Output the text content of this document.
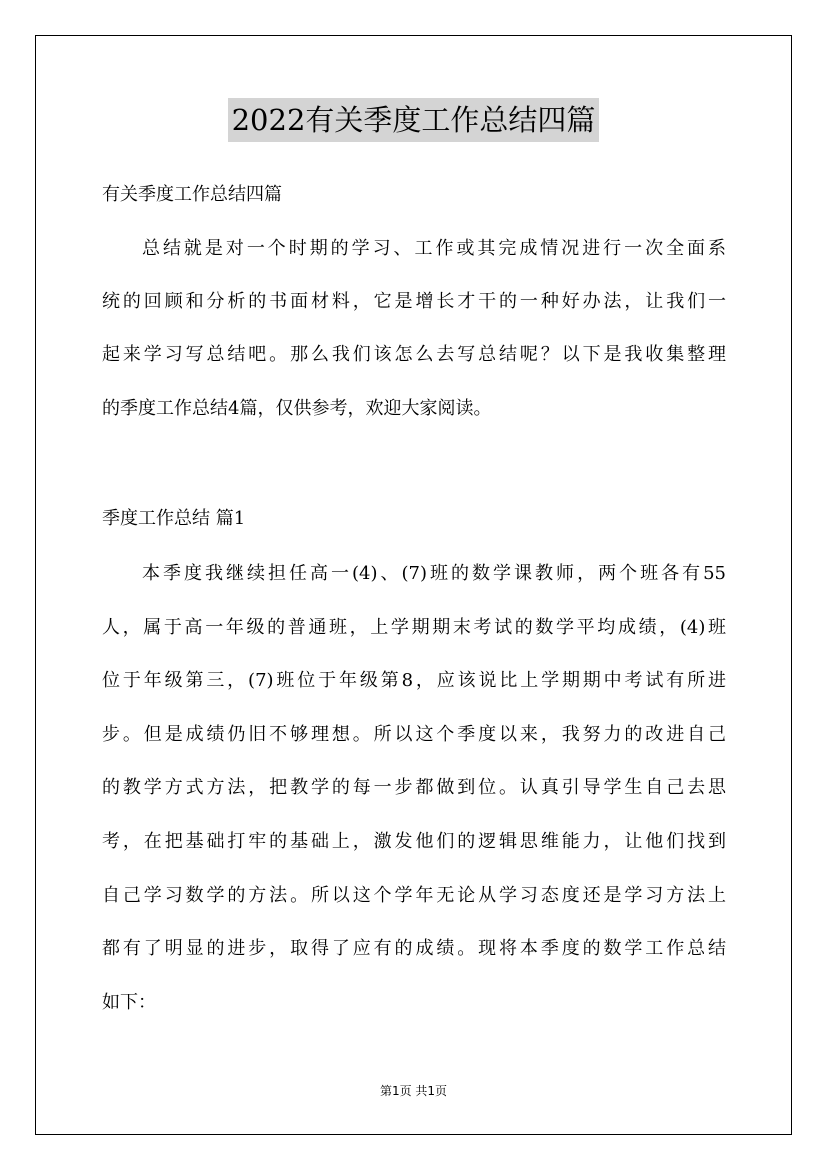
2022有关季度工作总结四篇
有关季度工作总结四篇
总结就是对一个时期的学习、工作或其完成情况进行一次全面系
统的回顾和分析的书面材料，它是增长才干的一种好办法，让我们一
起来学习写总结吧。那么我们该怎么去写总结呢？以下是我收集整理
的季度工作总结4篇，仅供参考，欢迎大家阅读。
季度工作总结 篇1
本季度我继续担任高一(4)、(7)班的数学课教师，两个班各有55
人，属于高一年级的普通班，上学期期末考试的数学平均成绩，(4)班
位于年级第三，(7)班位于年级第8，应该说比上学期期中考试有所进
步。但是成绩仍旧不够理想。所以这个季度以来，我努力的改进自己
的教学方式方法，把教学的每一步都做到位。认真引导学生自己去思
考，在把基础打牢的基础上，激发他们的逻辑思维能力，让他们找到
自己学习数学的方法。所以这个学年无论从学习态度还是学习方法上
都有了明显的进步，取得了应有的成绩。现将本季度的数学工作总结
如下：
第1页 共1页
